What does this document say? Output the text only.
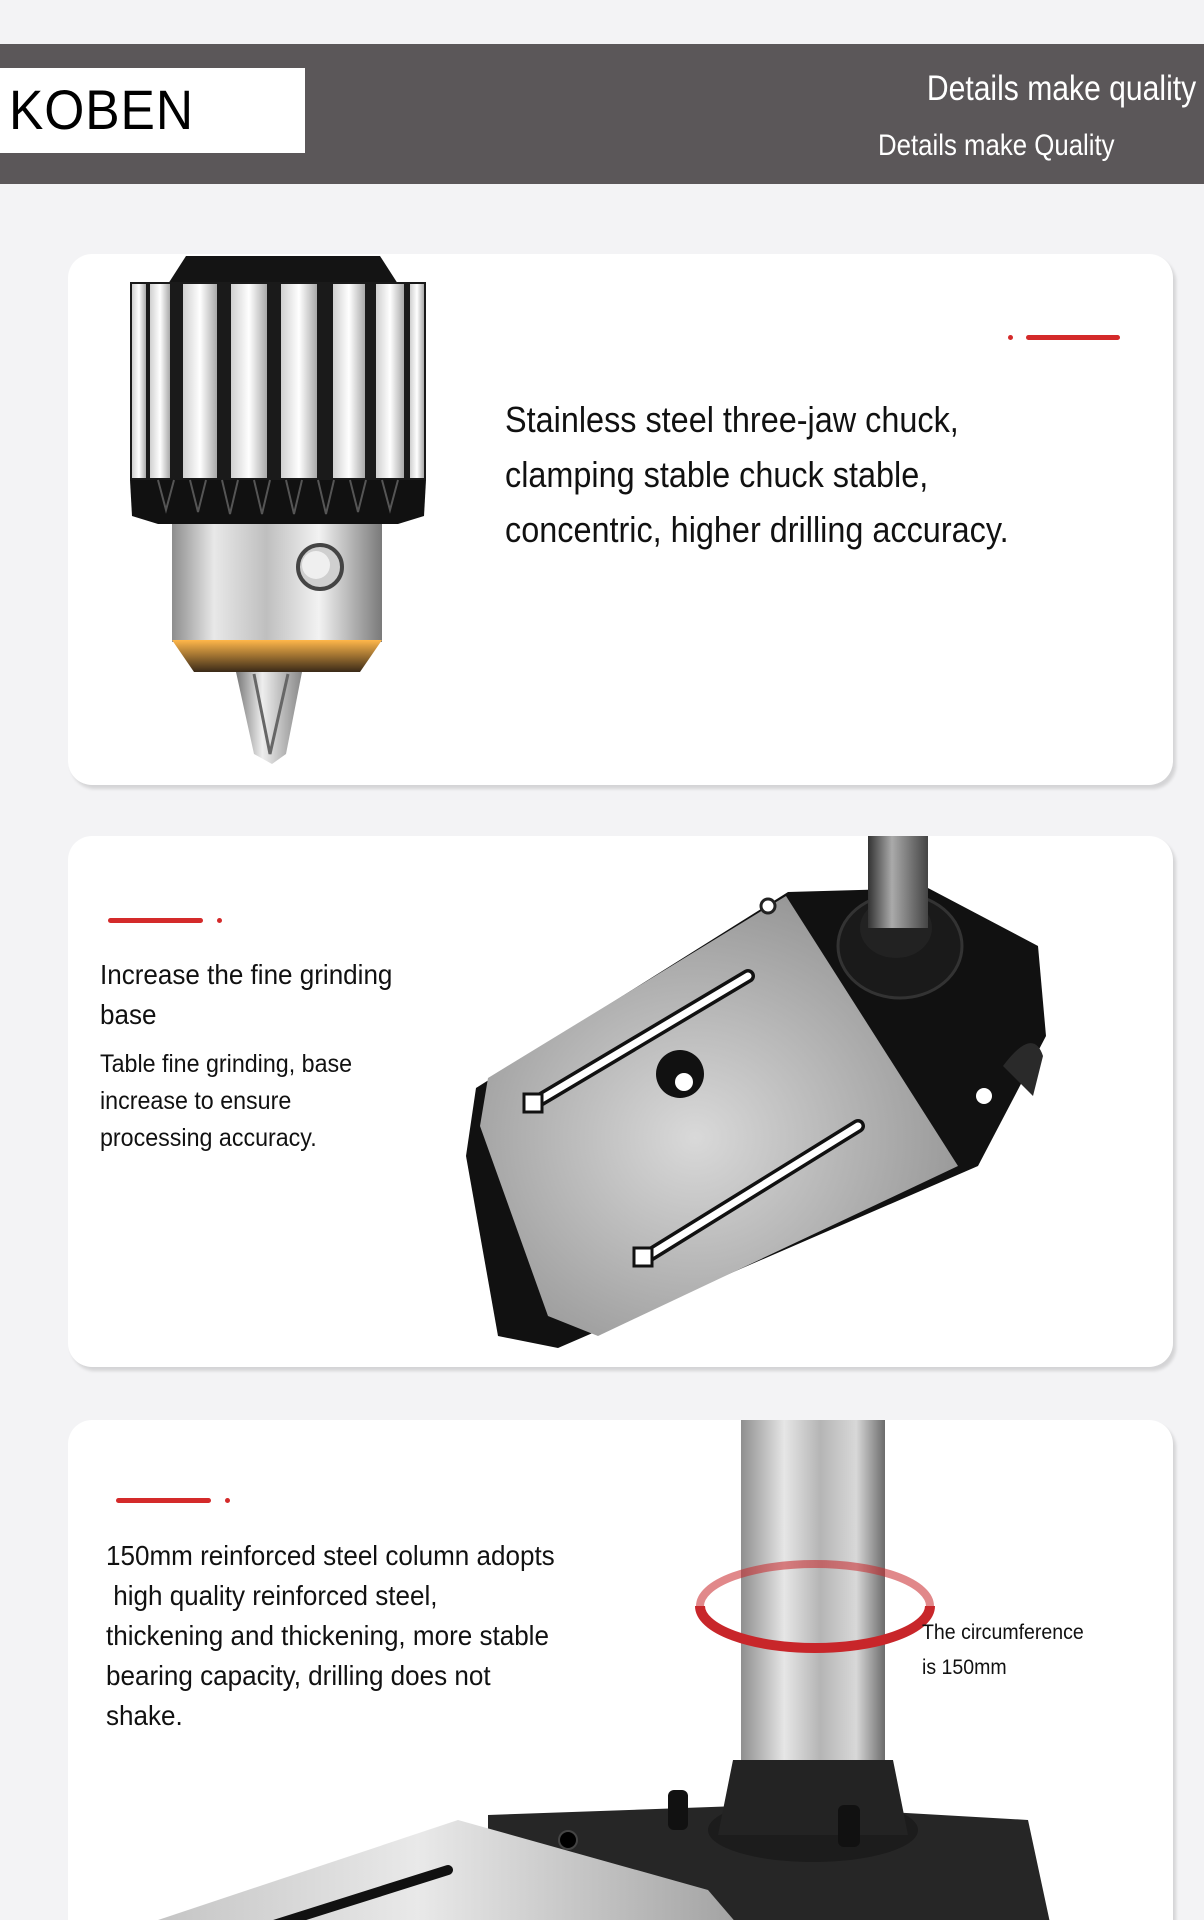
KOBEN	Details make quality
Details make Quality
Stainless steel three-jaw chuck,
clamping stable chuck stable,
concentric, higher drilling accuracy.
Increase the fine grinding
base
Table fine grinding, base
increase to ensure
processing accuracy.
150mm reinforced steel column adopts
high quality reinforced steel,
thickening and thickening, more stable
bearing capacity, drilling does not
shake.
The circumference
is 150mm
